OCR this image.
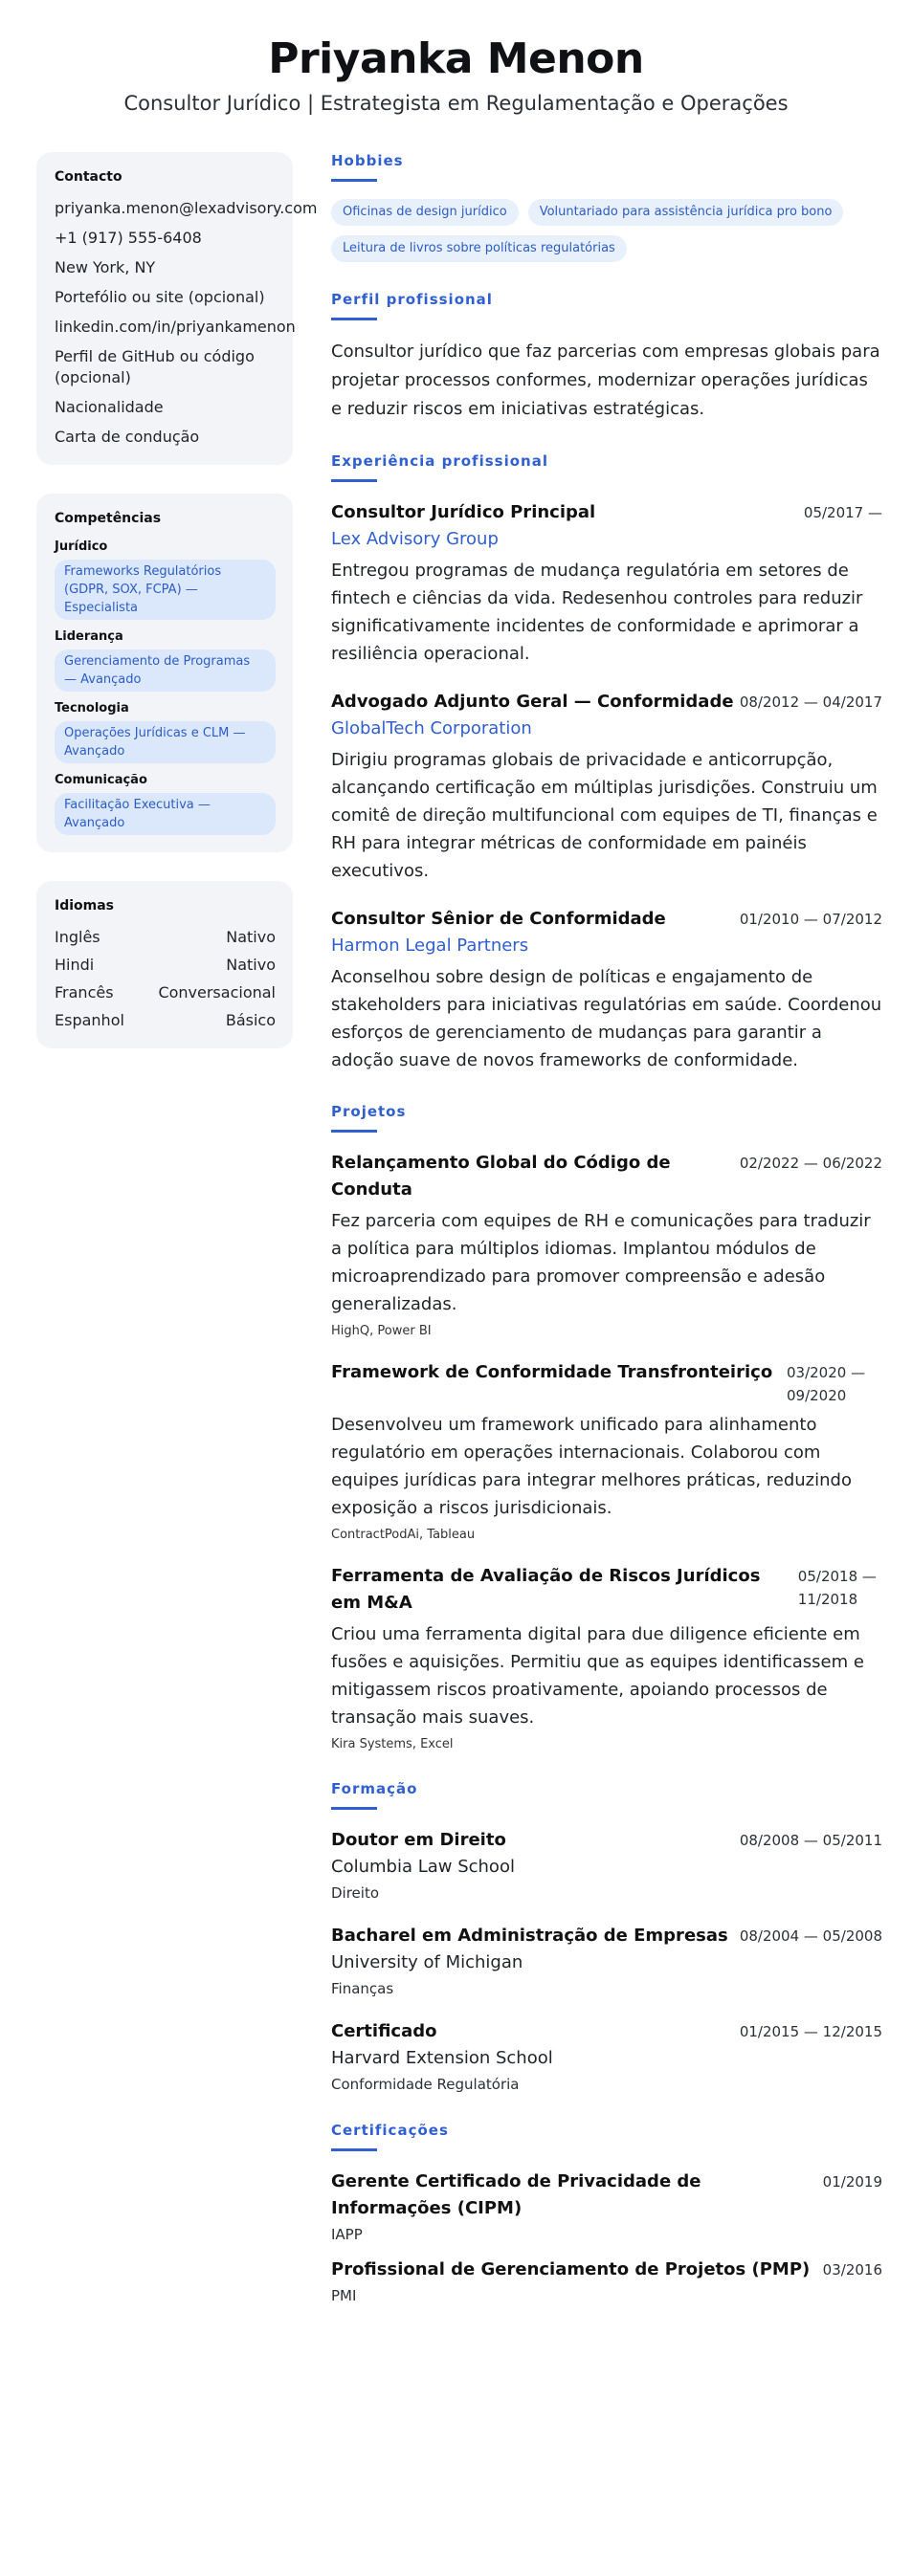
Priyanka Menon
Consultor Jurídico | Estrategista em Regulamentação e Operações
Contacto
priyanka.menon@lexadvisory.com
+1 (917) 555-6408
New York, NY
Portefólio ou site (opcional)
linkedin.com/in/priyankamenon
Perfil de GitHub ou código (opcional)
Nacionalidade
Carta de condução
Competências
Jurídico
Frameworks Regulatórios (GDPR, SOX, FCPA) — Especialista
Liderança
Gerenciamento de Programas — Avançado
Tecnologia
Operações Jurídicas e CLM — Avançado
Comunicação
Facilitação Executiva — Avançado
Idiomas
Inglês	Nativo
Hindi	Nativo
Francês	Conversacional
Espanhol	Básico
Hobbies
Oficinas de design jurídico	Voluntariado para assistência jurídica pro bono
Leitura de livros sobre políticas regulatórias
Perfil profissional
Consultor jurídico que faz parcerias com empresas globais para projetar processos conformes, modernizar operações jurídicas e reduzir riscos em iniciativas estratégicas.
Experiência profissional
Consultor Jurídico Principal	05/2017 —
Lex Advisory Group
Entregou programas de mudança regulatória em setores de fintech e ciências da vida. Redesenhou controles para reduzir significativamente incidentes de conformidade e aprimorar a resiliência operacional.
Advogado Adjunto Geral — Conformidade 08/2012 — 04/2017
GlobalTech Corporation
Dirigiu programas globais de privacidade e anticorrupção, alcançando certificação em múltiplas jurisdições. Construiu um comitê de direção multifuncional com equipes de TI, finanças e RH para integrar métricas de conformidade em painéis executivos.
Consultor Sênior de Conformidade	01/2010 — 07/2012
Harmon Legal Partners
Aconselhou sobre design de políticas e engajamento de stakeholders para iniciativas regulatórias em saúde. Coordenou esforços de gerenciamento de mudanças para garantir a adoção suave de novos frameworks de conformidade.
Projetos
Relançamento Global do Código de Conduta
02/2022 — 06/2022
Fez parceria com equipes de RH e comunicações para traduzir a política para múltiplos idiomas. Implantou módulos de microaprendizado para promover compreensão e adesão generalizadas.
HighQ, Power BI
Framework de Conformidade Transfronteiriço 03/2020 — 09/2020
Desenvolveu um framework unificado para alinhamento regulatório em operações internacionais. Colaborou com equipes jurídicas para integrar melhores práticas, reduzindo exposição a riscos jurisdicionais.
ContractPodAi, Tableau
Ferramenta de Avaliação de Riscos Jurídicos em M&A
05/2018 — 11/2018
Criou uma ferramenta digital para due diligence eficiente em fusões e aquisições. Permitiu que as equipes identificassem e mitigassem riscos proativamente, apoiando processos de transação mais suaves.
Kira Systems, Excel
Formação
Doutor em Direito	08/2008 — 05/2011
Columbia Law School
Direito
Bacharel em Administração de Empresas 08/2004 — 05/2008
University of Michigan
Finanças
Certificado	01/2015 — 12/2015
Harvard Extension School
Conformidade Regulatória
Certificações
Gerente Certificado de Privacidade de Informações (CIPM)
01/2019
IAPP
Profissional de Gerenciamento de Projetos (PMP) 03/2016
PMI
